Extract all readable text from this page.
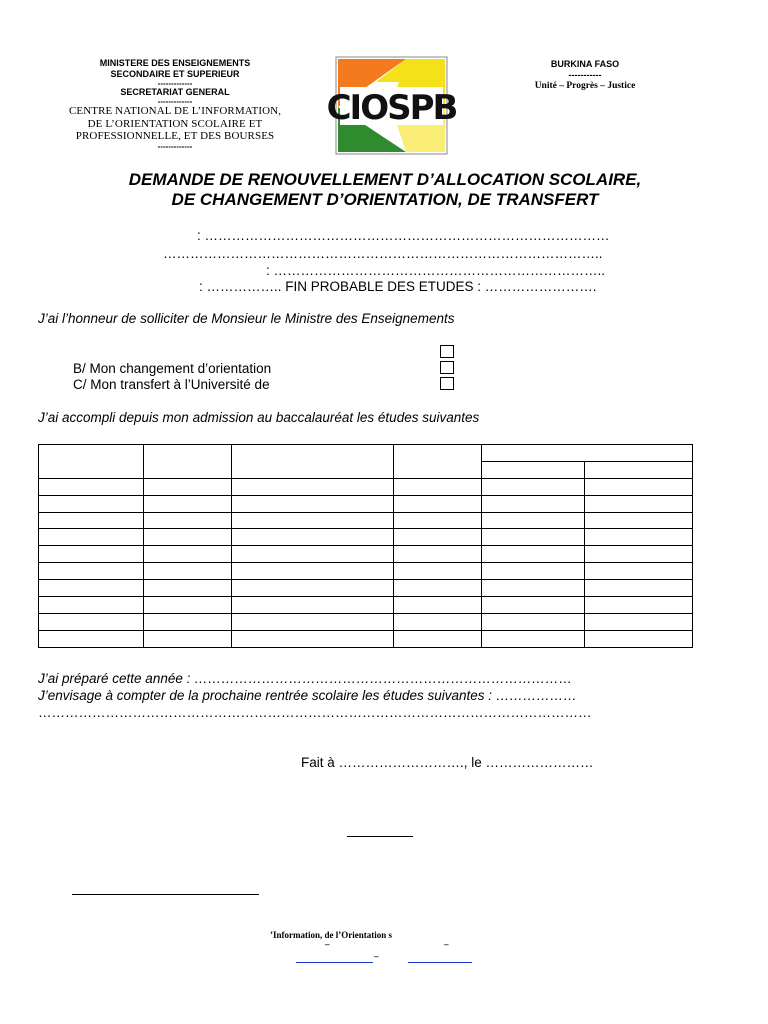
MINISTERE DES ENSEIGNEMENTS
SECONDAIRE ET SUPERIEUR
-------------
SECRETARIAT GENERAL
-------------
CENTRE NATIONAL DE L’INFORMATION,
DE L’ORIENTATION SCOLAIRE ET
PROFESSIONNELLE, ET DES BOURSES
-------------
CIOSPB
BURKINA FASO
-----------
Unité – Progrès – Justice
DEMANDE DE RENOUVELLEMENT D’ALLOCATION SCOLAIRE,
DE CHANGEMENT D’ORIENTATION, DE TRANSFERT
: ………………………………………………………………………………
……………………………………………………………………………………..
: ………………………………………………………………..
: …………….. FIN PROBABLE DES ETUDES : …………………….
J’ai l’honneur de solliciter de Monsieur le Ministre des Enseignements
B/ Mon changement d’orientation
C/ Mon transfert à l’Université de
J’ai accompli depuis mon admission au baccalauréat les études suivantes

J’ai préparé cette année : …………………………………………………………………………
J’envisage à compter de la prochaine rentrée scolaire les études suivantes : ………………
……………………………………………………………………………………………………………
Fait à ………………………., le ……………………
’Information, de l’Orientation s
–	–
–
